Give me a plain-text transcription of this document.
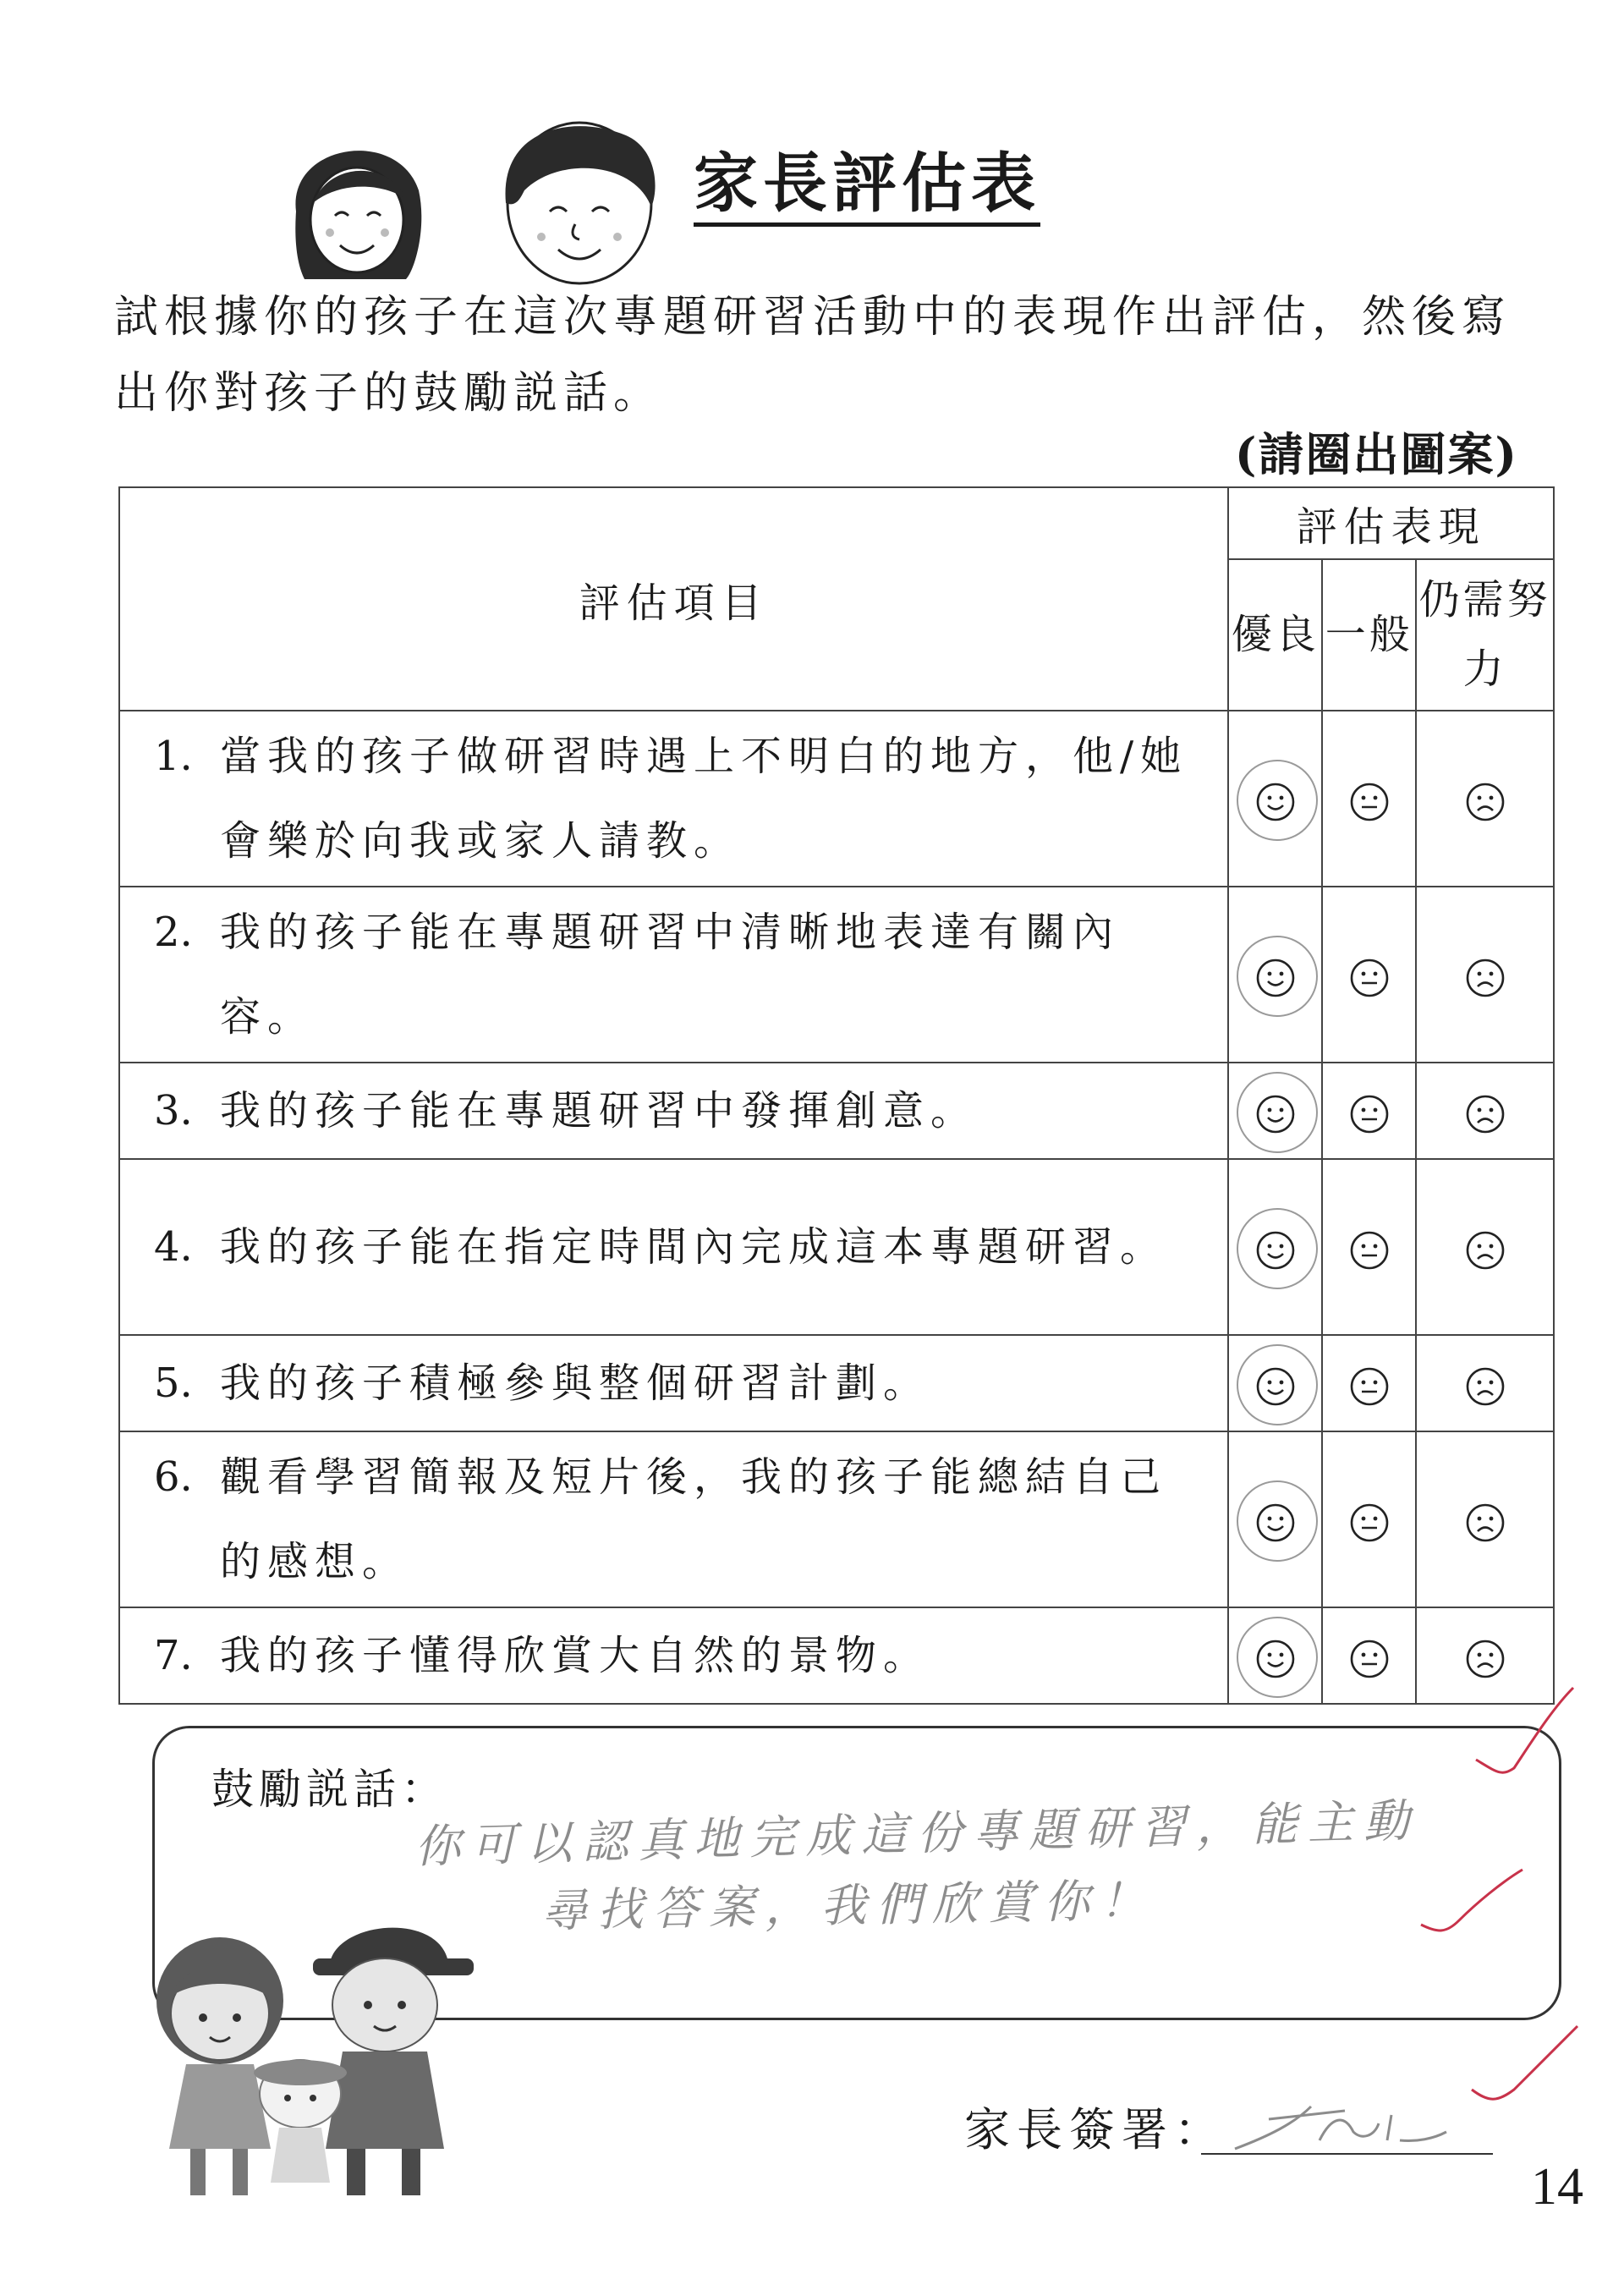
家長評估表
試根據你的孩子在這次專題研習活動中的表現作出評估，然後寫出你對孩子的鼓勵説話。
(請圈出圖案)
評估項目	評估表現		
	優良	一般	仍需努力

1. 當我的孩子做研習時遇上不明白的地方，他/她會樂於向我或家人請教。

2. 我的孩子能在專題研習中清晰地表達有關內容。

3. 我的孩子能在專題研習中發揮創意。

4. 我的孩子能在指定時間內完成這本專題研習。

5. 我的孩子積極參與整個研習計劃。

6. 觀看學習簡報及短片後，我的孩子能總結自己的感想。

7. 我的孩子懂得欣賞大自然的景物。

鼓勵説話：
你可以認真地完成這份專題研習，能主動
尋找答案，我們欣賞你！
家長簽署：
14
